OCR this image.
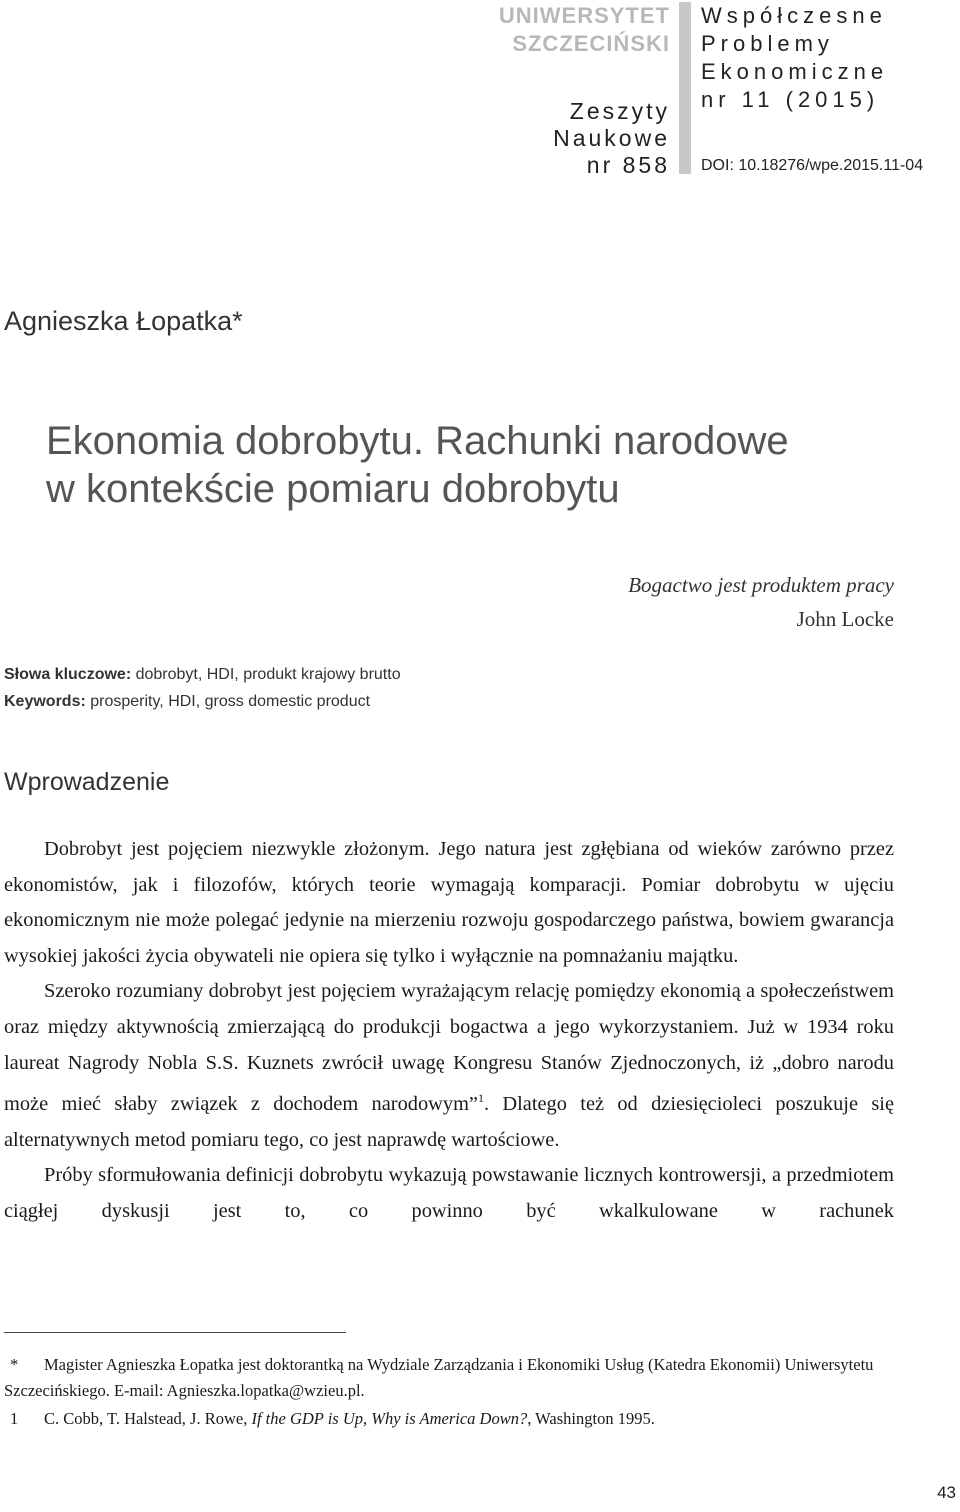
UNIWERSYTET
SZCZECIŃSKI
Zeszyty
Naukowe
nr 858
Współczesne
Problemy
Ekonomiczne
nr 11 (2015)
DOI: 10.18276/wpe.2015.11-04
Agnieszka Łopatka*
Ekonomia dobrobytu. Rachunki narodowe
w kontekście pomiaru dobrobytu
Bogactwo jest produktem pracy
John Locke
Słowa kluczowe: dobrobyt, HDI, produkt krajowy brutto
Keywords: prosperity, HDI, gross domestic product
Wprowadzenie

Dobrobyt jest pojęciem niezwykle złożonym. Jego natura jest zgłębiana od wieków zarówno przez ekonomistów, jak i filozofów, których teorie wymagają komparacji. Pomiar dobrobytu w ujęciu ekonomicznym nie może polegać jedynie na mierzeniu rozwoju gospodarczego państwa, bowiem gwarancja wysokiej jakości życia obywateli nie opiera się tylko i wyłącznie na pomnażaniu majątku.

Szeroko rozumiany dobrobyt jest pojęciem wyrażającym relację pomiędzy ekonomią a społeczeństwem oraz między aktywnością zmierzającą do produkcji bogactwa a jego wykorzystaniem. Już w 1934 roku laureat Nagrody Nobla S.S. Kuznets zwrócił uwagę Kongresu Stanów Zjednoczonych, iż „dobro narodu może mieć słaby związek z dochodem narodowym”$^1$. Dlatego też od dziesięcioleci poszukuje się alternatywnych metod pomiaru tego, co jest naprawdę wartościowe.

Próby sformułowania definicji dobrobytu wykazują powstawanie licznych kontrowersji, a przedmiotem ciągłej dyskusji jest to, co powinno być wkalkulowane w rachunek

* Magister Agnieszka Łopatka jest doktorantką na Wydziale Zarządzania i Ekonomiki Usług (Katedra Ekonomii) Uniwersytetu Szczecińskiego. E-mail: Agnieszka.lopatka@wzieu.pl.

1 C. Cobb, T. Halstead, J. Rowe, If the GDP is Up, Why is America Down?, Washington 1995.

43
